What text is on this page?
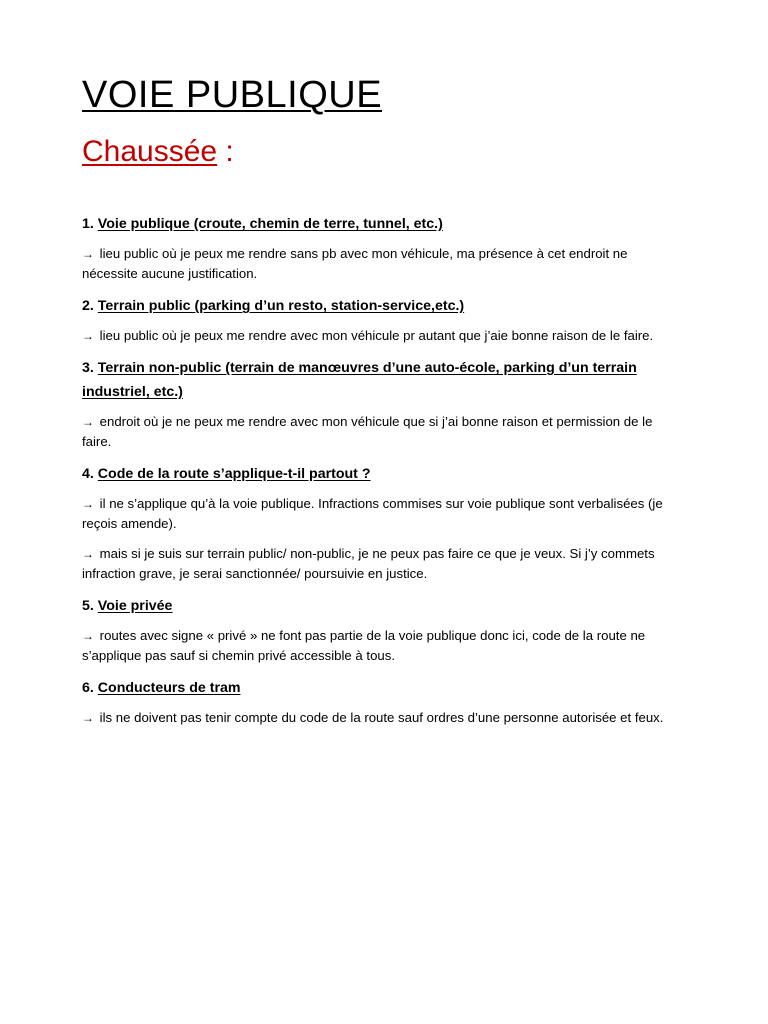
VOIE PUBLIQUE
Chaussée :

1. Voie publique (croute, chemin de terre, tunnel, etc.)

→ lieu public où je peux me rendre sans pb avec mon véhicule, ma présence à cet endroit ne nécessite aucune justification.

2. Terrain public (parking d’un resto, station-service,etc.)

→ lieu public où je peux me rendre avec mon véhicule pr autant que j’aie bonne raison de le faire.

3. Terrain non-public (terrain de manœuvres d’une auto-école, parking d’un terrain industriel, etc.)

→ endroit où je ne peux me rendre avec mon véhicule que si j’ai bonne raison et permission de le faire.

4. Code de la route s’applique-t-il partout ?

→ il ne s’applique qu’à la voie publique. Infractions commises sur voie publique sont verbalisées (je reçois amende).

→ mais si je suis sur terrain public/ non-public, je ne peux pas faire ce que je veux. Si j’y commets infraction grave, je serai sanctionnée/ poursuivie en justice.

5. Voie privée

→ routes avec signe « privé » ne font pas partie de la voie publique donc ici, code de la route ne s’applique pas sauf si chemin privé accessible à tous.

6. Conducteurs de tram

→ ils ne doivent pas tenir compte du code de la route sauf ordres d’une personne autorisée et feux.
